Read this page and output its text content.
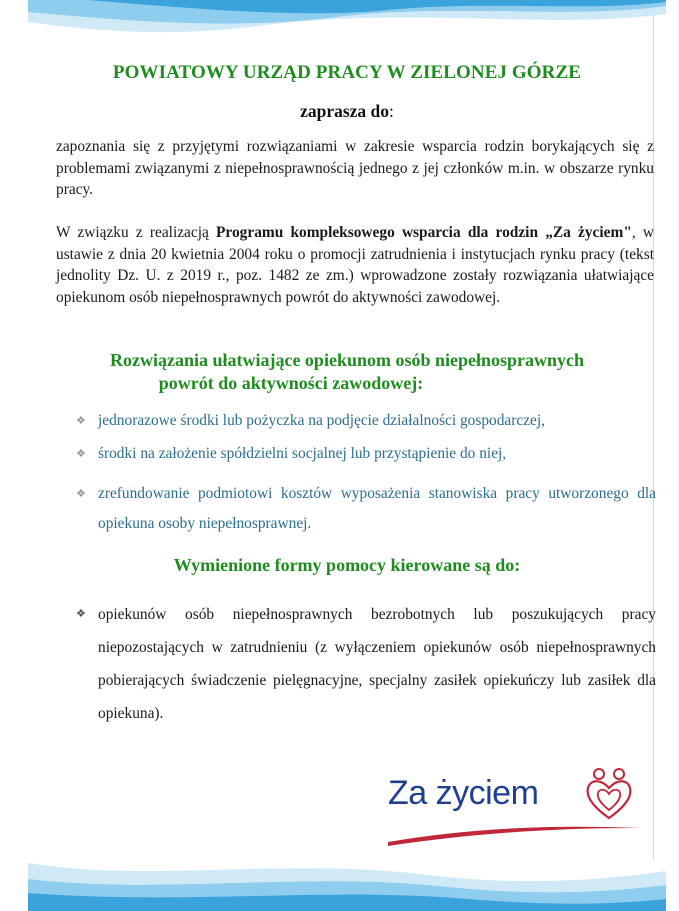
POWIATOWY URZĄD PRACY W ZIELONEJ GÓRZE
zaprasza do:

zapoznania się z przyjętymi rozwiązaniami w zakresie wsparcia rodzin borykających się z problemami związanymi z niepełnosprawnością jednego z jej członków m.in. w obszarze rynku pracy.

W związku z realizacją Programu kompleksowego wsparcia dla rodzin „Za życiem", w ustawie z dnia 20 kwietnia 2004 roku o promocji zatrudnienia i instytucjach rynku pracy (tekst jednolity Dz. U. z 2019 r., poz. 1482 ze zm.) wprowadzone zostały rozwiązania ułatwiające opiekunom osób niepełnosprawnych powrót do aktywności zawodowej.

Rozwiązania ułatwiające opiekunom osób niepełnosprawnych
powrót do aktywności zawodowej:
❖ jednorazowe środki lub pożyczka na podjęcie działalności gospodarczej,
❖ środki na założenie spółdzielni socjalnej lub przystąpienie do niej,
❖ zrefundowanie podmiotowi kosztów wyposażenia stanowiska pracy utworzonego dla opiekuna osoby niepełnosprawnej.
Wymienione formy pomocy kierowane są do:
❖ opiekunów osób niepełnosprawnych bezrobotnych lub poszukujących pracy niepozostających w zatrudnieniu (z wyłączeniem opiekunów osób niepełnosprawnych pobierających świadczenie pielęgnacyjne, specjalny zasiłek opiekuńczy lub zasiłek dla opiekuna).
Za życiem
